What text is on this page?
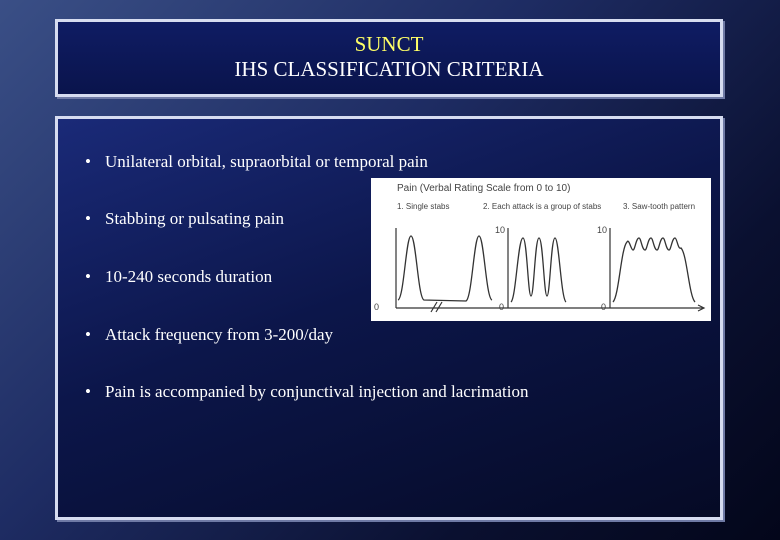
SUNCT
IHS CLASSIFICATION CRITERIA
• Unilateral orbital, supraorbital or temporal pain
• Stabbing or pulsating pain
• 10-240 seconds duration
• Attack frequency from 3-200/day
• Pain is accompanied by conjunctival injection and lacrimation
Pain (Verbal Rating Scale from 0 to 10)
1. Single stabs	2. Each attack is a group of stabs	3. Saw-tooth pattern
10	10
0	0	0
